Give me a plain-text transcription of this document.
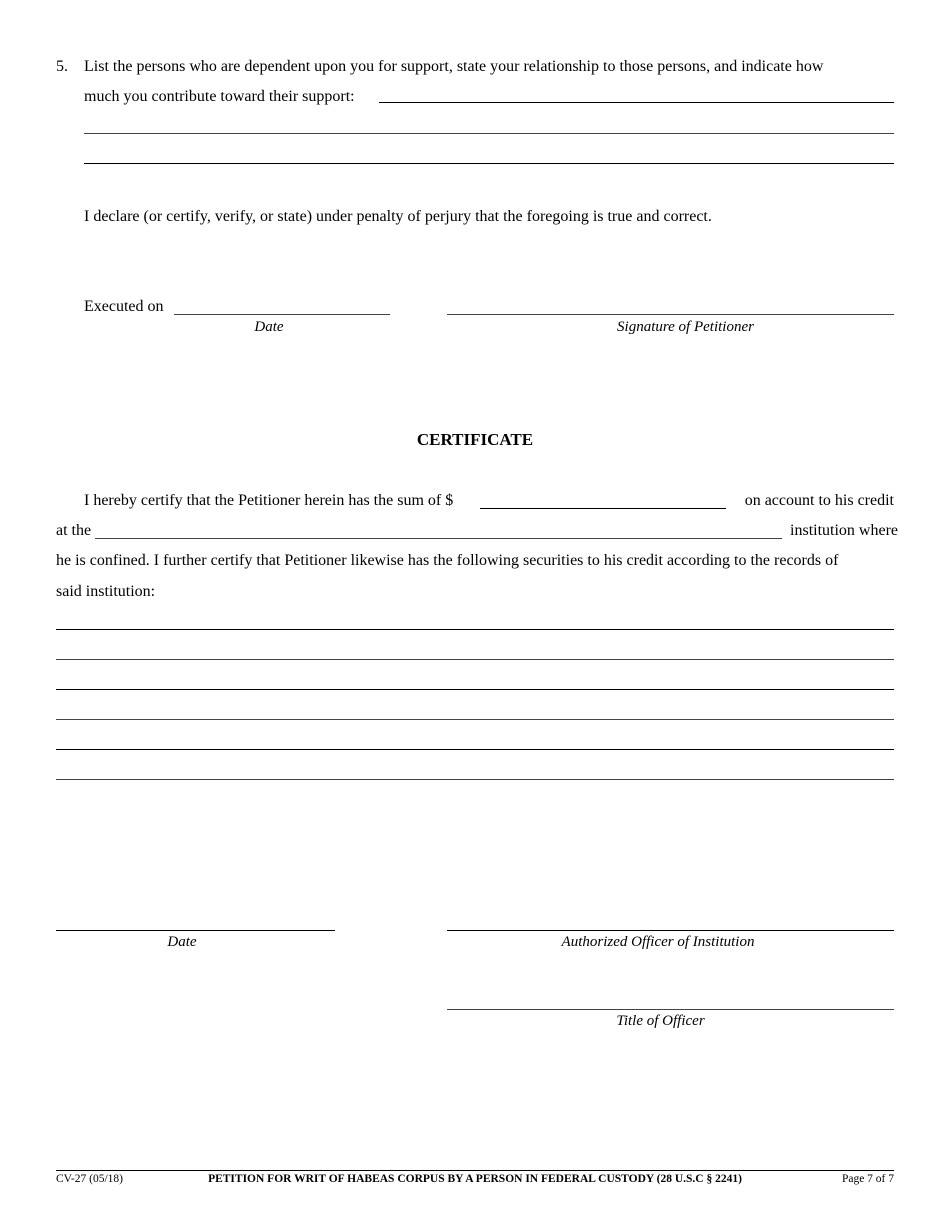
5. List the persons who are dependent upon you for support, state your relationship to those persons, and indicate how
much you contribute toward their support:
I declare (or certify, verify, or state) under penalty of perjury that the foregoing is true and correct.
Executed on
Date	Signature of Petitioner
CERTIFICATE
I hereby certify that the Petitioner herein has the sum of $	on account to his credit
at the	institution where
he is confined. I further certify that Petitioner likewise has the following securities to his credit according to the records of
said institution:
Date	Authorized Officer of Institution
Title of Officer
CV-27 (05/18)	PETITION FOR WRIT OF HABEAS CORPUS BY A PERSON IN FEDERAL CUSTODY (28 U.S.C § 2241)	Page 7 of 7
